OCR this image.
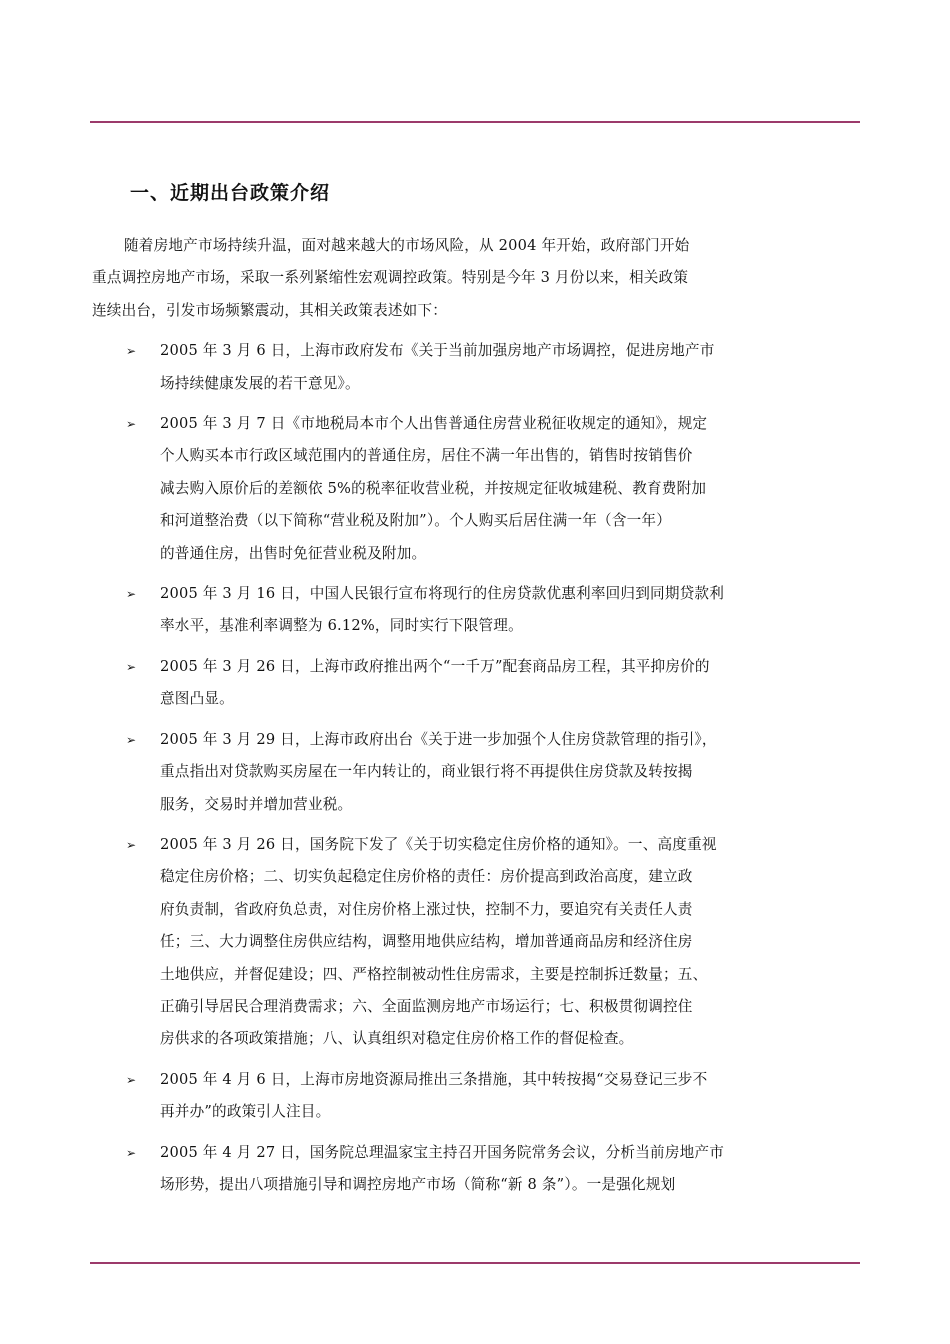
一、近期出台政策介绍
随着房地产市场持续升温，面对越来越大的市场风险，从 2004 年开始，政府部门开始
重点调控房地产市场，采取一系列紧缩性宏观调控政策。特别是今年 3 月份以来，相关政策
连续出台，引发市场频繁震动，其相关政策表述如下：
➢ 2005 年 3 月 6 日，上海市政府发布《关于当前加强房地产市场调控，促进房地产市
场持续健康发展的若干意见》。
➢ 2005 年 3 月 7 日《市地税局本市个人出售普通住房营业税征收规定的通知》，规定
个人购买本市行政区域范围内的普通住房，居住不满一年出售的，销售时按销售价
减去购入原价后的差额依 5%的税率征收营业税，并按规定征收城建税、教育费附加
和河道整治费（以下简称“营业税及附加”）。个人购买后居住满一年（含一年）
的普通住房，出售时免征营业税及附加。
➢ 2005 年 3 月 16 日，中国人民银行宣布将现行的住房贷款优惠利率回归到同期贷款利
率水平，基准利率调整为 6.12%，同时实行下限管理。
➢ 2005 年 3 月 26 日，上海市政府推出两个“一千万”配套商品房工程，其平抑房价的
意图凸显。
➢ 2005 年 3 月 29 日，上海市政府出台《关于进一步加强个人住房贷款管理的指引》，
重点指出对贷款购买房屋在一年内转让的，商业银行将不再提供住房贷款及转按揭
服务，交易时并增加营业税。
➢ 2005 年 3 月 26 日，国务院下发了《关于切实稳定住房价格的通知》。一、高度重视
稳定住房价格；二、切实负起稳定住房价格的责任：房价提高到政治高度，建立政
府负责制，省政府负总责，对住房价格上涨过快，控制不力，要追究有关责任人责
任；三、大力调整住房供应结构，调整用地供应结构，增加普通商品房和经济住房
土地供应，并督促建设；四、严格控制被动性住房需求，主要是控制拆迁数量；五、
正确引导居民合理消费需求；六、全面监测房地产市场运行；七、积极贯彻调控住
房供求的各项政策措施；八、认真组织对稳定住房价格工作的督促检查。
➢ 2005 年 4 月 6 日，上海市房地资源局推出三条措施，其中转按揭“交易登记三步不
再并办”的政策引人注目。
➢ 2005 年 4 月 27 日，国务院总理温家宝主持召开国务院常务会议，分析当前房地产市
场形势，提出八项措施引导和调控房地产市场（简称“新 8 条”）。一是强化规划
